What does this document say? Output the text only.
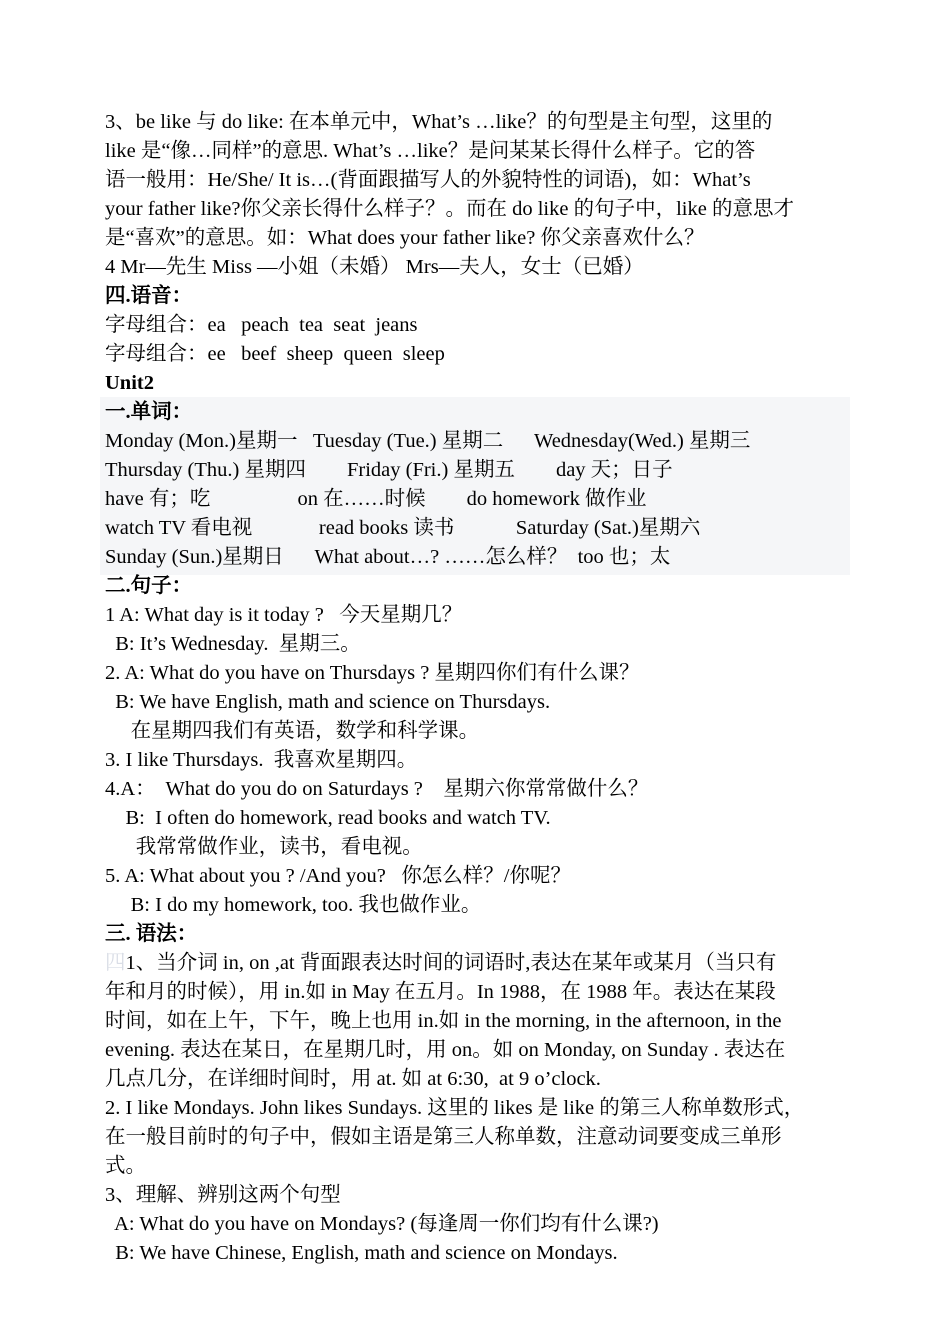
3、be like 与 do like: 在本单元中，What’s …like？的句型是主句型，这里的
like 是“像…同样”的意思. What’s …like？是问某某长得什么样子。它的答
语一般用：He/She/ It is…(背面跟描写人的外貌特性的词语)，如：What’s
your father like?你父亲长得什么样子？。而在 do like 的句子中，like 的意思才
是“喜欢”的意思。如：What does your father like? 你父亲喜欢什么？
4 Mr—先生 Miss —小姐（未婚） Mrs—夫人，女士（已婚）
四.语音：
字母组合：ea   peach  tea  seat  jeans
字母组合：ee   beef  sheep  queen  sleep
Unit2
一.单词：
Monday (Mon.)星期一   Tuesday (Tue.) 星期二      Wednesday(Wed.) 星期三
Thursday (Thu.) 星期四        Friday (Fri.) 星期五        day 天；日子
have 有；吃                 on 在……时候        do homework 做作业
watch TV 看电视             read books 读书            Saturday (Sat.)星期六
Sunday (Sun.)星期日      What about…? ……怎么样？  too 也；太
二.句子：
1 A: What day is it today ?   今天星期几？
B: It’s Wednesday.  星期三。
2. A: What do you have on Thursdays ? 星期四你们有什么课？
B: We have English, math and science on Thursdays.
在星期四我们有英语，数学和科学课。
3. I like Thursdays.  我喜欢星期四。
4.A：  What do you do on Saturdays ?    星期六你常常做什么？
B:  I often do homework, read books and watch TV.
我常常做作业，读书，看电视。
5. A: What about you ? /And you?   你怎么样？/你呢？
B: I do my homework, too. 我也做作业。
三. 语法：
四1、当介词 in, on ,at 背面跟表达时间的词语时,表达在某年或某月（当只有
年和月的时候），用 in.如 in May 在五月。In 1988，在 1988 年。表达在某段
时间，如在上午，下午，晚上也用 in.如 in the morning, in the afternoon, in the
evening. 表达在某日，在星期几时，用 on。如 on Monday, on Sunday . 表达在
几点几分，在详细时间时，用 at. 如 at 6:30,  at 9 o’clock.
2. I like Mondays. John likes Sundays. 这里的 likes 是 like 的第三人称单数形式，
在一般目前时的句子中，假如主语是第三人称单数，注意动词要变成三单形
式。
3、理解、辨别这两个句型
A: What do you have on Mondays? (每逢周一你们均有什么课?)
B: We have Chinese, English, math and science on Mondays.
